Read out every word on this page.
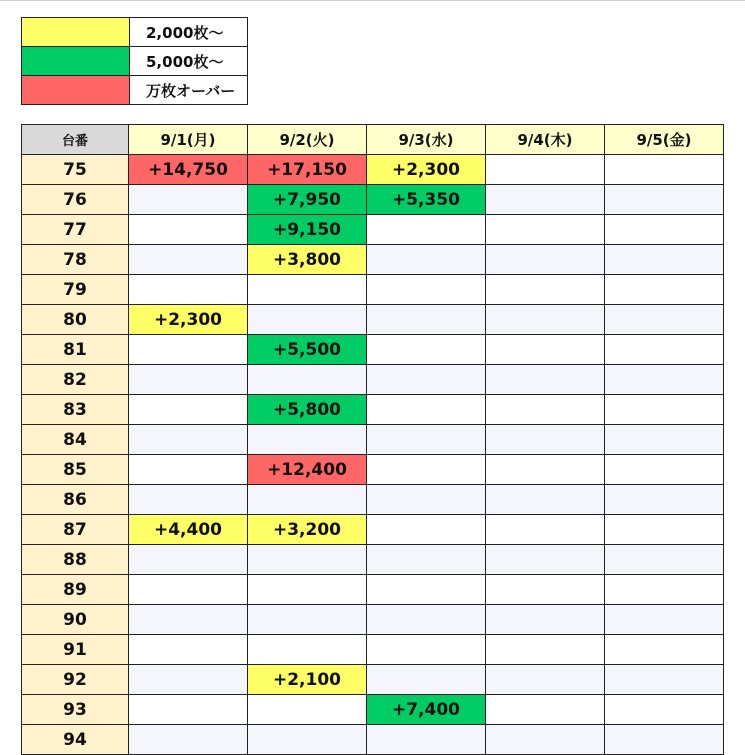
	2,000枚～
	5,000枚～
	万枚オーバー
台番	9/1(月)	9/2(火)	9/3(水)	9/4(木)	9/5(金)
75	+14,750	+17,150	+2,300		
76		+7,950	+5,350		
77		+9,150			
78		+3,800			
79					
80	+2,300				
81		+5,500			
82					
83		+5,800			
84					
85		+12,400			
86					
87	+4,400	+3,200			
88					
89					
90					
91					
92		+2,100			
93			+7,400		
94					
